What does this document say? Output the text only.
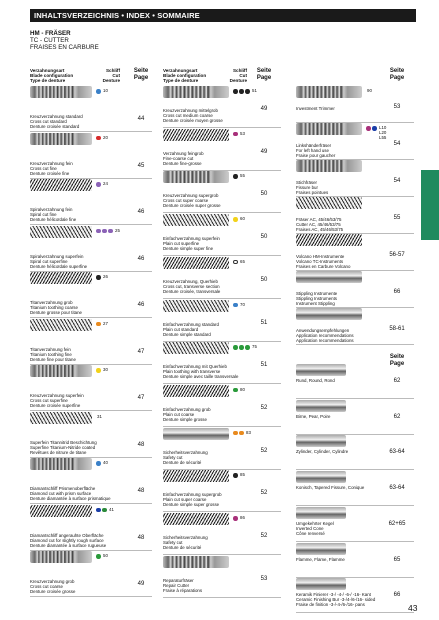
INHALTSVERZEICHNIS • INDEX • SOMMAIRE
HM - FRÄSER
TC - CUTTER
FRAISES EN CARBURE
Verzahnungsart
Blade configuration
Type de denture
Schliff
Cut
Denture
Seite
Page
Verzahnungsart
Blade configuration
Type de denture
Schliff
Cut
Denture
Seite
Page
Seite
Page
Seite
Page
10
Kreuzverzahnung standard
Cross cut standard
Denture croisée standard
44
20
Kreuzverzahnung fein
Cross cut fine
Denture croisée fine
45
24
Spiralverzahnung fein
Spiral cut fine
Denture hélicoïdale fine
46
25
Spiralverzahnung superfein
Spiral cut superfine
Denture hélicoïdale superfine
46
26
Titanverzahnung grob
Titanium toothing coarse
Denture grosse pour titane
46
27
Titanverzahnung fein
Titanium toothing fine
Denture fine pour titane
47
30
Kreuzverzahnung superfein
Cross cut superfine
Denture croisée superfine
47
31
Superfein Titannitrid Beschichtung
Superfine Titanium-Nitride coated
Revêtues de nitrure de titane
48
40
Diamantschliff Prismenoberfläche
Diamond cut with prism surface
Denture diamantée à surface prismatique
48
41
Diamantschliff angerauhte Oberfläche
Diamond cut for slightly rough surface
Denture diamantée à surface rugueuse
48
50
Kreuzverzahnung grob
Cross cut coarse
Denture croisée grosse
49
51
Kreuzverzahnung mittelgrob
Cross cut medium coarse
Denture croisée moyen grosse
49
53
Verzahnung feingrob
Fine-coarse cut
Denture fine-grosse
49
55
Kreuzverzahnung supergrob
Cross cut super coarse
Denture croisée super grosse
50
60
Einfachverzahnung superfein
Plain cut superfine
Denture simple super fine
50
65
Kreuzverzahnung, Querhieb
Cross cut, transverse section
Denture croisée, transversale
50
70
Einfachverzahnung standard
Plain cut standard
Denture simple standard
51
75
Einfachverzahnung mit Querhieb
Plain toothing with transverse
Denture simple avec taille transversale
51
80
Einfachverzahnung grob
Plain cut coarse
Denture simple grosse
52
83
Sicherheitsverzahnung
Safety cut
Denture de sécurité
52
85
Einfachverzahnung supergrob
Plain cut super coarse
Denture simple super grosse
52
86
Sicherheitsverzahnung
Safety cut
Denture de sécurité
52
Reparaturfräser
Repair Cutter
Fraise à réparations
53
90
Investment Trimmer	53
L10 L20 L55
Linkshänderfräser
For left hand use
Fraise pour gaucher
54
Stichfräser
Fissure bur
Fraises pointues
54
Fräser AC, 45/46/53/75
Cutter AC, 45/46/53/75
Fraises AC, 45/46/53/75
55
Volcano HM-Instrumente
Volcano TC-Instruments
Fraises en Carbure Volcano
56-57
Stippling Instrumente
Stippling Instruments
Instrument Stippling
66
Anwendungsempfehlungen
Application recommendations
Application recommendations
58-61
Rund, Round, Rond	62
Birne, Pear, Poire	62
Zylinder, Cylinder, Cylindre	63-64
Konisch, Tapered Fissure, Conique	63-64
Umgekehrter Kegel
Inverted Cone
Cône renversé
62+65
Flamme, Flame, Flamme	65
Keramik Finierer -3-/ -4-/ -6-/ -16- Kant
Ceramic Finishing Bur -3-/4-/6-/16- sided
Fraise de finition -3-/-4-/6-/16- pans
66
43
